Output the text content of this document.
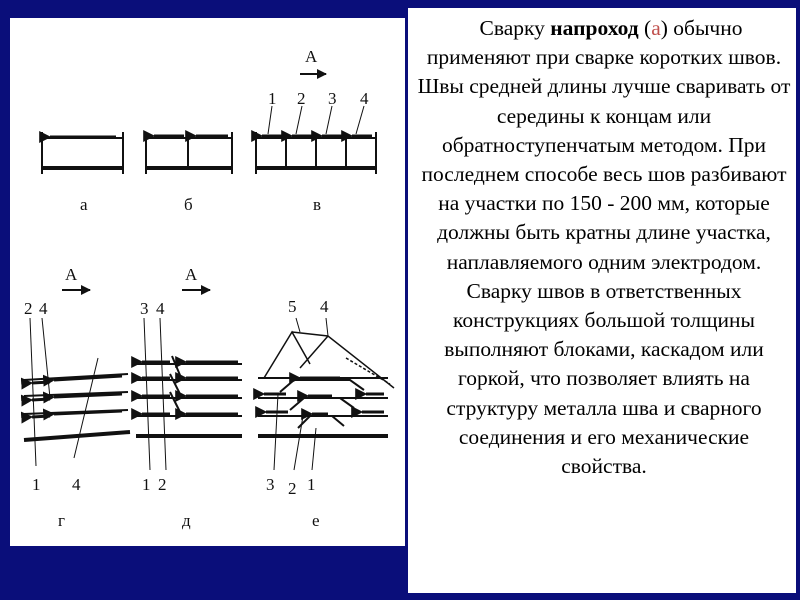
а	б
А
1 2 3 4
в
А
2 4
1 4
г
А
3 4
1 2
д
5 4
3 2 1
е

Сварку напроход (а) обычно применяют при сварке коротких швов. Швы средней длины лучше сваривать от середины к концам или обратноступенчатым методом. При последнем способе весь шов разбивают на участки по 150 - 200 мм, которые должны быть кратны длине участка, наплавляемого одним электродом. Сварку швов в ответственных конструкциях большой толщины выполняют блоками, каскадом или горкой, что позволяет влиять на структуру металла шва и сварного соединения и его механические свойства.
